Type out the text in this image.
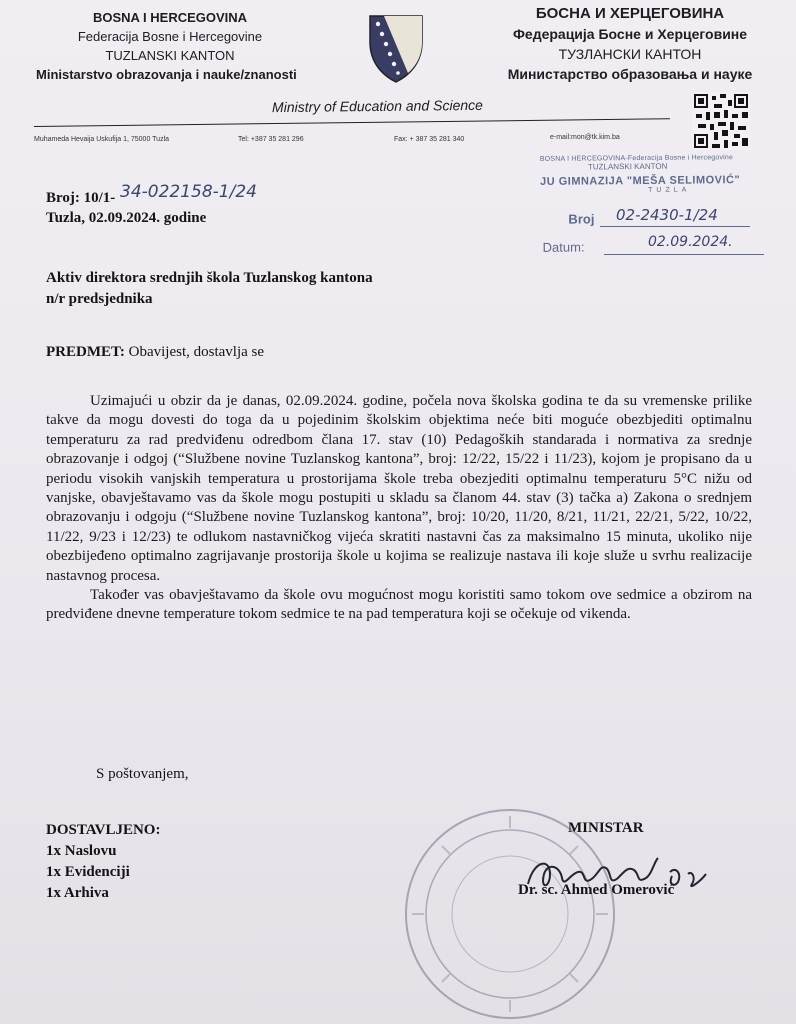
BOSNA I HERCEGOVINA
Federacija Bosne i Hercegovine
TUZLANSKI KANTON
Ministarstvo obrazovanja i nauke/znanosti
БОСНА И ХЕРЦЕГОВИНА
Федерација Босне и Херцеговине
ТУЗЛАНСКИ КАНТОН
Министарство образовања и науке
Ministry of Education and Science
Muhameda Hevaija Uskufija 1, 75000 Tuzla	Tel: +387 35 281 296	Fax: + 387 35 281 340	e-mail:mon@tk.kim.ba
BOSNA I HERCEGOVINA-Federacija Bosne i Hercegovine
TUZLANSKI KANTON
JU GIMNAZIJA "MEŠA SELIMOVIĆ"
TUZLA
Broj
Datum:
02-2430-1/24
02.09.2024.
Broj: 10/1- 34-022158-1/24
Tuzla, 02.09.2024. godine
Aktiv direktora srednjih škola Tuzlanskog kantona
n/r predsjednika
PREDMET: Obavijest, dostavlja se

Uzimajući u obzir da je danas, 02.09.2024. godine, počela nova školska godina te da su vremenske prilike takve da mogu dovesti do toga da u pojedinim školskim objektima neće biti moguće obezbjediti optimalnu temperaturu za rad predviđenu odredbom člana 17. stav (10) Pedagoških standarada i normativa za srednje obrazovanje i odgoj (“Službene novine Tuzlanskog kantona”, broj: 12/22, 15/22 i 11/23), kojom je propisano da u periodu visokih vanjskih temperatura u prostorijama škole treba obezjediti optimalnu temperaturu 5°C nižu od vanjske, obavještavamo vas da škole mogu postupiti u skladu sa članom 44. stav (3) tačka a) Zakona o srednjem obrazovanju i odgoju (“Službene novine Tuzlanskog kantona”, broj: 10/20, 11/20, 8/21, 11/21, 22/21, 5/22, 10/22, 11/22, 9/23 i 12/23) te odlukom nastavničkog vijeća skratiti nastavni čas za maksimalno 15 minuta, ukoliko nije obezbijeđeno optimalno zagrijavanje prostorija škole u kojima se realizuje nastava ili koje služe u svrhu realizacije nastavnog procesa.

Također vas obavještavamo da škole ovu mogućnost mogu koristiti samo tokom ove sedmice a obzirom na predviđene dnevne temperature tokom sedmice te na pad temperatura koji se očekuje od vikenda.

S poštovanjem,
DOSTAVLJENO:
1x Naslovu
1x Evidenciji
1x Arhiva
MINISTAR
Dr. sc. Ahmed Omerović
